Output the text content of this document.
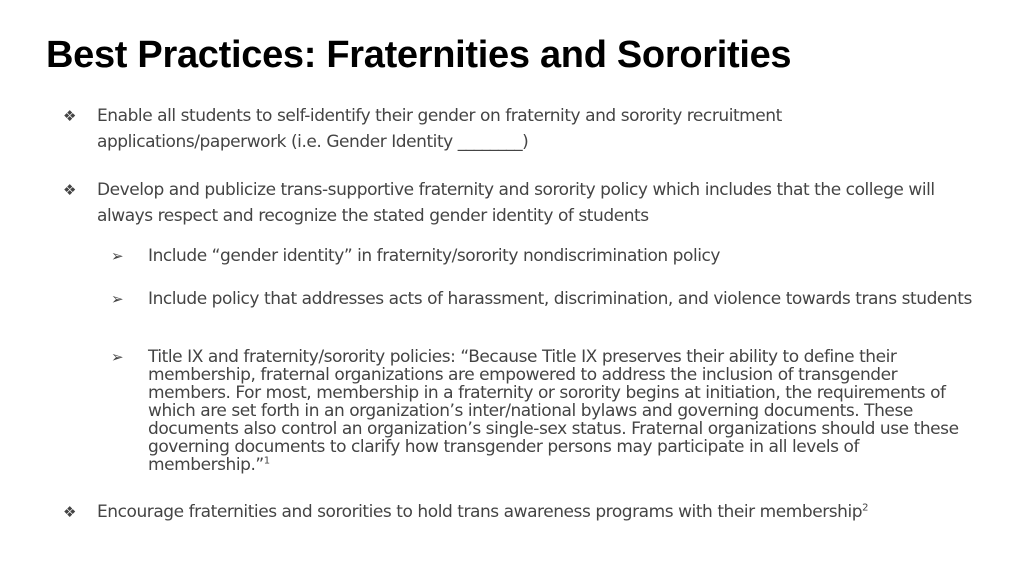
Best Practices: Fraternities and Sororities
❖ Enable all students to self-identify their gender on fraternity and sorority recruitment applications/paperwork (i.e. Gender Identity ________)
❖ Develop and publicize trans-supportive fraternity and sorority policy which includes that the college will always respect and recognize the stated gender identity of students
➢ Include “gender identity” in fraternity/sorority nondiscrimination policy
➢ Include policy that addresses acts of harassment, discrimination, and violence towards trans students
➢ Title IX and fraternity/sorority policies: “Because Title IX preserves their ability to define their membership, fraternal organizations are empowered to address the inclusion of transgender members. For most, membership in a fraternity or sorority begins at initiation, the requirements of which are set forth in an organization’s inter/national bylaws and governing documents. These documents also control an organization’s single-sex status. Fraternal organizations should use these governing documents to clarify how transgender persons may participate in all levels of membership.”$^1$
❖ Encourage fraternities and sororities to hold trans awareness programs with their membership$^2$
